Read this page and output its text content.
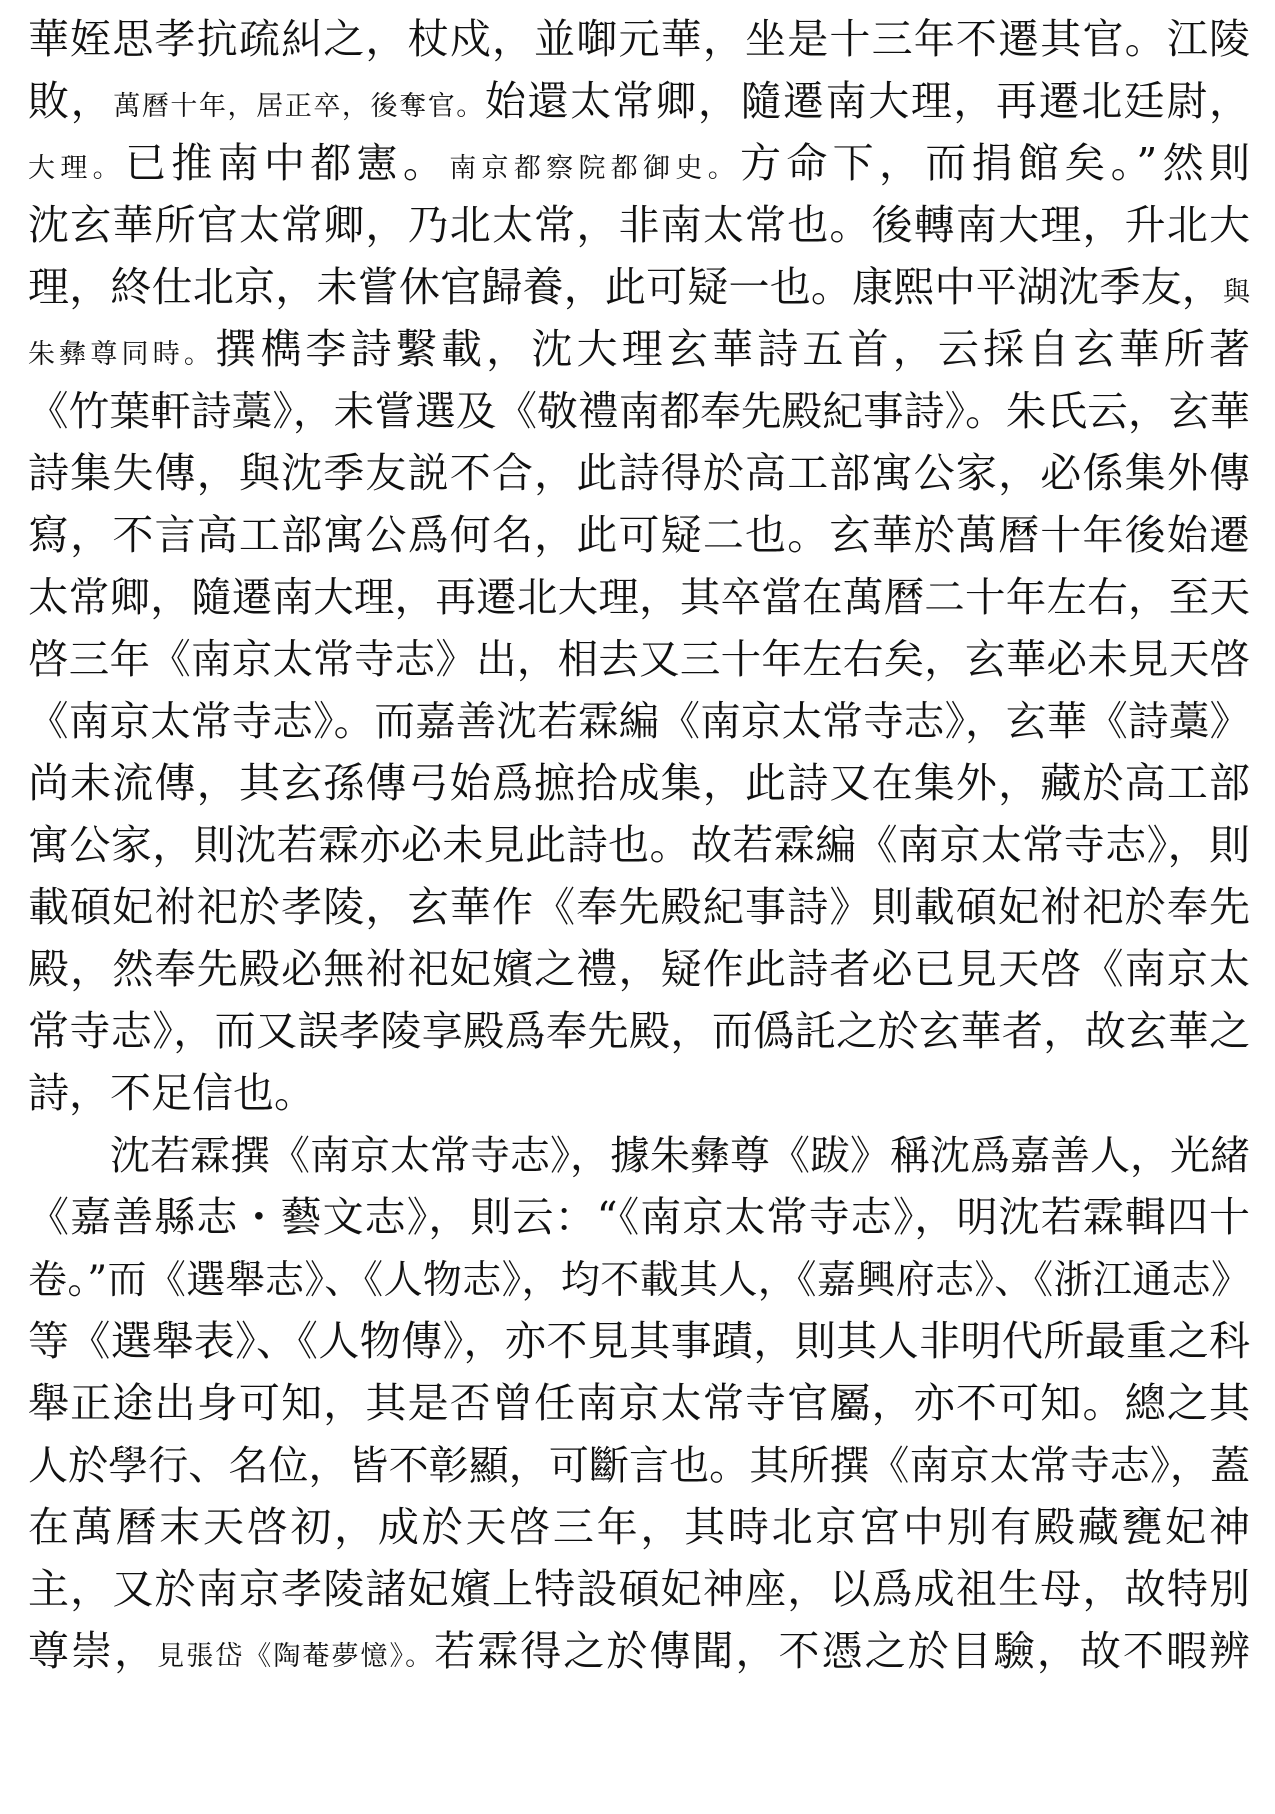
華姪思孝抗疏糾之，杖戍，並啣元華，坐是十三年不遷其官。江陵
敗，萬曆十年，居正卒，後奪官。始還太常卿，隨遷南大理，再遷北廷尉，
大理。已推南中都憲。南京都察院都御史。方命下，而捐館矣。”然則
沈玄華所官太常卿，乃北太常，非南太常也。後轉南大理，升北大
理，終仕北京，未嘗休官歸養，此可疑一也。康熙中平湖沈季友，與
朱彝尊同時。撰檇李詩繫載，沈大理玄華詩五首，云採自玄華所著
《竹葉軒詩藁》，未嘗選及《敬禮南都奉先殿紀事詩》。朱氏云，玄華
詩集失傳，與沈季友説不合，此詩得於高工部寓公家，必係集外傳
寫，不言高工部寓公爲何名，此可疑二也。玄華於萬曆十年後始遷
太常卿，隨遷南大理，再遷北大理，其卒當在萬曆二十年左右，至天
啓三年《南京太常寺志》出，相去又三十年左右矣，玄華必未見天啓
《南京太常寺志》。而嘉善沈若霖編《南京太常寺志》，玄華《詩藁》
尚未流傳，其玄孫傳弓始爲摭拾成集，此詩又在集外，藏於高工部
寓公家，則沈若霖亦必未見此詩也。故若霖編《南京太常寺志》，則
載碩妃祔祀於孝陵，玄華作《奉先殿紀事詩》則載碩妃祔祀於奉先
殿，然奉先殿必無祔祀妃嬪之禮，疑作此詩者必已見天啓《南京太
常寺志》，而又誤孝陵享殿爲奉先殿，而僞託之於玄華者，故玄華之
詩，不足信也。
沈若霖撰《南京太常寺志》，據朱彝尊《跋》稱沈爲嘉善人，光緒
《嘉善縣志・藝文志》，則云：“《南京太常寺志》，明沈若霖輯四十
卷。”而《選舉志》、《人物志》，均不載其人，《嘉興府志》、《浙江通志》
等《選舉表》、《人物傳》，亦不見其事蹟，則其人非明代所最重之科
舉正途出身可知，其是否曾任南京太常寺官屬，亦不可知。總之其
人於學行、名位，皆不彰顯，可斷言也。其所撰《南京太常寺志》，蓋
在萬曆末天啓初，成於天啓三年，其時北京宮中別有殿藏甕妃神
主，又於南京孝陵諸妃嬪上特設碩妃神座，以爲成祖生母，故特別
尊崇，見張岱《陶菴夢憶》。若霖得之於傳聞，不憑之於目驗，故不暇辨
